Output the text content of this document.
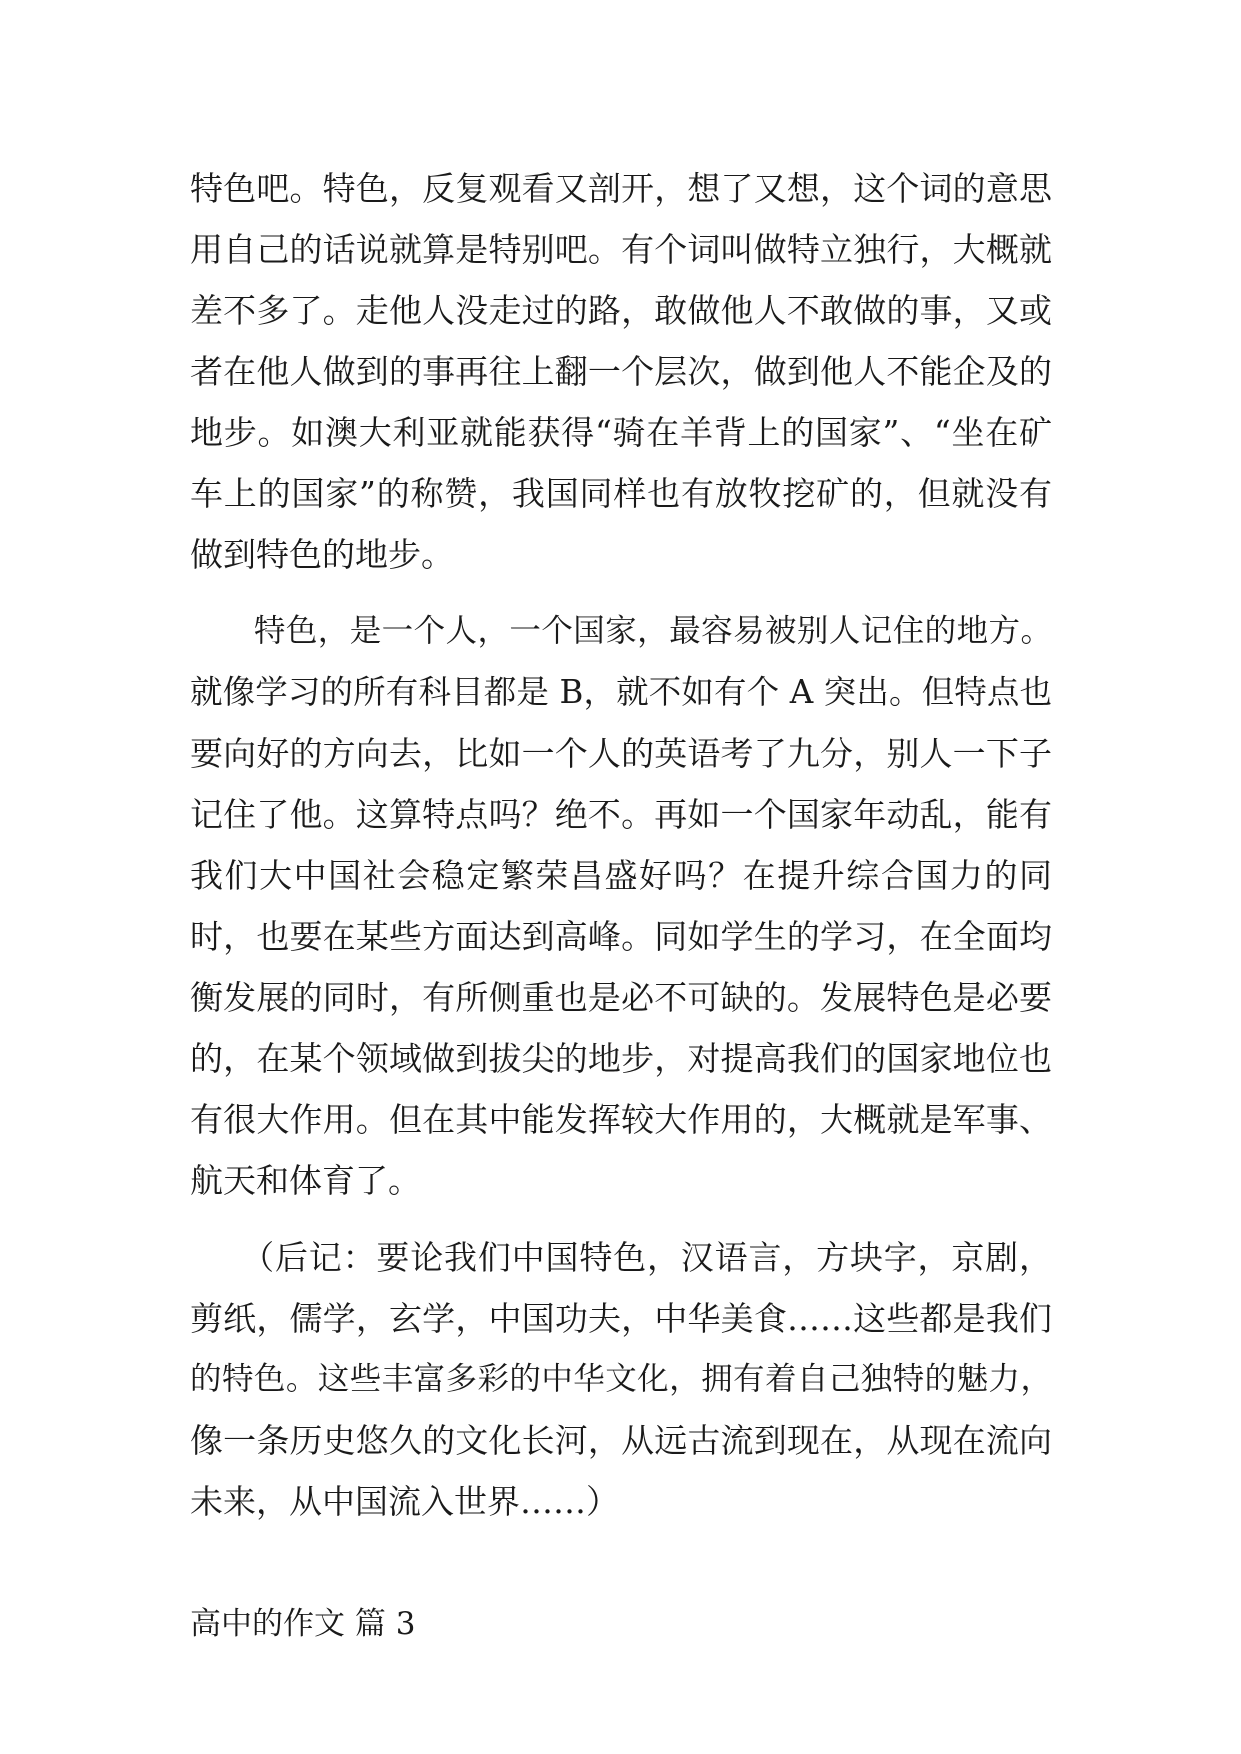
特色吧。特色，反复观看又剖开，想了又想，这个词的意思
用自己的话说就算是特别吧。有个词叫做特立独行，大概就
差不多了。走他人没走过的路，敢做他人不敢做的事，又或
者在他人做到的事再往上翻一个层次，做到他人不能企及的
地步。如澳大利亚就能获得“骑在羊背上的国家”、“坐在矿
车上的国家”的称赞，我国同样也有放牧挖矿的，但就没有
做到特色的地步。
　　特色，是一个人，一个国家，最容易被别人记住的地方。
就像学习的所有科目都是 B，就不如有个 A 突出。但特点也
要向好的方向去，比如一个人的英语考了九分，别人一下子
记住了他。这算特点吗？绝不。再如一个国家年动乱，能有
我们大中国社会稳定繁荣昌盛好吗？在提升综合国力的同
时，也要在某些方面达到高峰。同如学生的学习，在全面均
衡发展的同时，有所侧重也是必不可缺的。发展特色是必要
的，在某个领域做到拔尖的地步，对提高我们的国家地位也
有很大作用。但在其中能发挥较大作用的，大概就是军事、
航天和体育了。
　　（后记：要论我们中国特色，汉语言，方块字，京剧，
剪纸，儒学，玄学，中国功夫，中华美食……这些都是我们
的特色。这些丰富多彩的中华文化，拥有着自己独特的魅力，
像一条历史悠久的文化长河，从远古流到现在，从现在流向
未来，从中国流入世界……）
高中的作文 篇 3
